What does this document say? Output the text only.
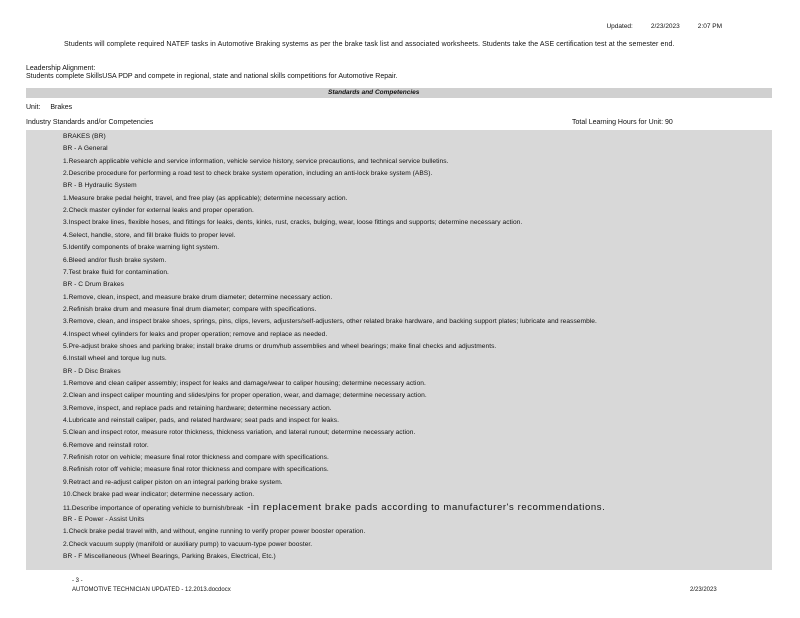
Updated:	2/23/2023	2:07 PM
Students will complete required NATEF tasks in Automotive Braking systems as per the brake task list and associated worksheets. Students take the ASE certification test at the semester end.
Leadership Alignment:
Students complete SkillsUSA PDP and compete in regional, state and national skills competitions for Automotive Repair.
Standards and Competencies
Unit: Brakes
Industry Standards and/or Competencies	Total Learning Hours for Unit: 90
BRAKES (BR)
BR - A General
1.Research applicable vehicle and service information, vehicle service history, service precautions, and technical service bulletins.
2.Describe procedure for performing a road test to check brake system operation, including an anti-lock brake system (ABS).
BR - B Hydraulic System
1.Measure brake pedal height, travel, and free play (as applicable); determine necessary action.
2.Check master cylinder for external leaks and proper operation.
3.Inspect brake lines, flexible hoses, and fittings for leaks, dents, kinks, rust, cracks, bulging, wear, loose fittings and supports; determine necessary action.
4.Select, handle, store, and fill brake fluids to proper level.
5.Identify components of brake warning light system.
6.Bleed and/or flush brake system.
7.Test brake fluid for contamination.
BR - C Drum Brakes
1.Remove, clean, inspect, and measure brake drum diameter; determine necessary action.
2.Refinish brake drum and measure final drum diameter; compare with specifications.
3.Remove, clean, and inspect brake shoes, springs, pins, clips, levers, adjusters/self-adjusters, other related brake hardware, and backing support plates; lubricate and reassemble.
4.Inspect wheel cylinders for leaks and proper operation; remove and replace as needed.
5.Pre-adjust brake shoes and parking brake; install brake drums or drum/hub assemblies and wheel bearings; make final checks and adjustments.
6.Install wheel and torque lug nuts.
BR - D Disc Brakes
1.Remove and clean caliper assembly; inspect for leaks and damage/wear to caliper housing; determine necessary action.
2.Clean and inspect caliper mounting and slides/pins for proper operation, wear, and damage; determine necessary action.
3.Remove, inspect, and replace pads and retaining hardware; determine necessary action.
4.Lubricate and reinstall caliper, pads, and related hardware; seat pads and inspect for leaks.
5.Clean and inspect rotor, measure rotor thickness, thickness variation, and lateral runout; determine necessary action.
6.Remove and reinstall rotor.
7.Refinish rotor on vehicle; measure final rotor thickness and compare with specifications.
8.Refinish rotor off vehicle; measure final rotor thickness and compare with specifications.
9.Retract and re-adjust caliper piston on an integral parking brake system.
10.Check brake pad wear indicator; determine necessary action.
11.Describe importance of operating vehicle to burnish/break -in replacement brake pads according to manufacturer's recommendations.
BR - E Power - Assist Units
1.Check brake pedal travel with, and without, engine running to verify proper power booster operation.
2.Check vacuum supply (manifold or auxiliary pump) to vacuum-type power booster.
BR - F Miscellaneous (Wheel Bearings, Parking Brakes, Electrical, Etc.)
- 3 -
AUTOMOTIVE TECHNICIAN UPDATED - 12.2013.docdocx	2/23/2023
